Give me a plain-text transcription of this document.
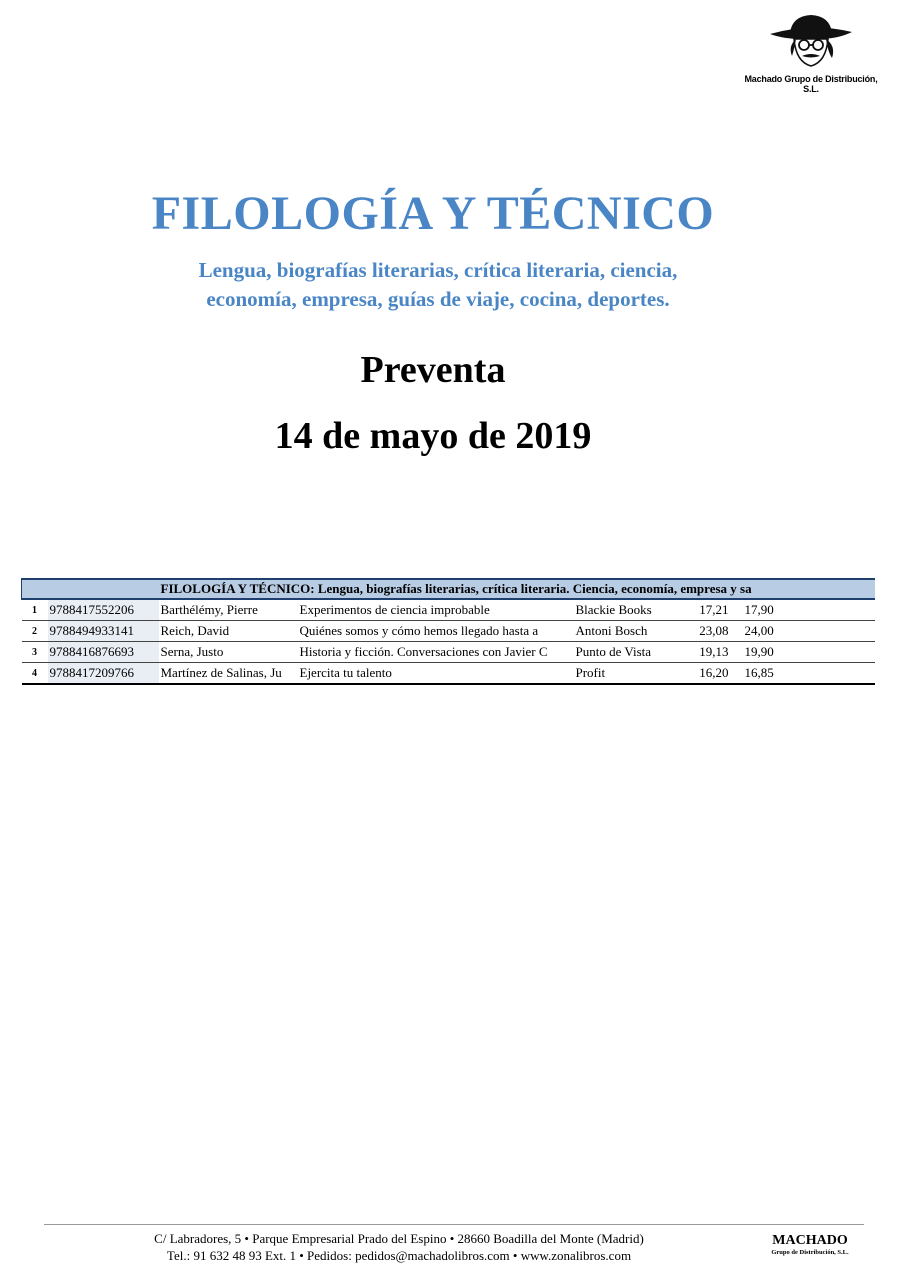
Machado Grupo de Distribución, S.L.
FILOLOGÍA Y TÉCNICO
Lengua, biografías literarias, crítica literaria, ciencia,
economía, empresa, guías de viaje, cocina, deportes.
Preventa
14 de mayo de 2019
		FILOLOGÍA Y TÉCNICO: Lengua, biografías literarias, crítica literaria. Ciencia, economía, empresa y sa				
1	9788417552206	Barthélémy, Pierre	Experimentos de ciencia improbable	Blackie Books	17,21	17,90
2	9788494933141	Reich, David	Quiénes somos y cómo hemos llegado hasta a	Antoni Bosch	23,08	24,00
3	9788416876693	Serna, Justo	Historia y ficción. Conversaciones con Javier C	Punto de Vista	19,13	19,90
4	9788417209766	Martínez de Salinas, Ju	Ejercita tu talento	Profit	16,20	16,85
C/ Labradores, 5 • Parque Empresarial Prado del Espino • 28660 Boadilla del Monte (Madrid)
Tel.: 91 632 48 93 Ext. 1 • Pedidos: pedidos@machadolibros.com • www.zonalibros.com
MACHADO
Grupo de Distribución, S.L.
